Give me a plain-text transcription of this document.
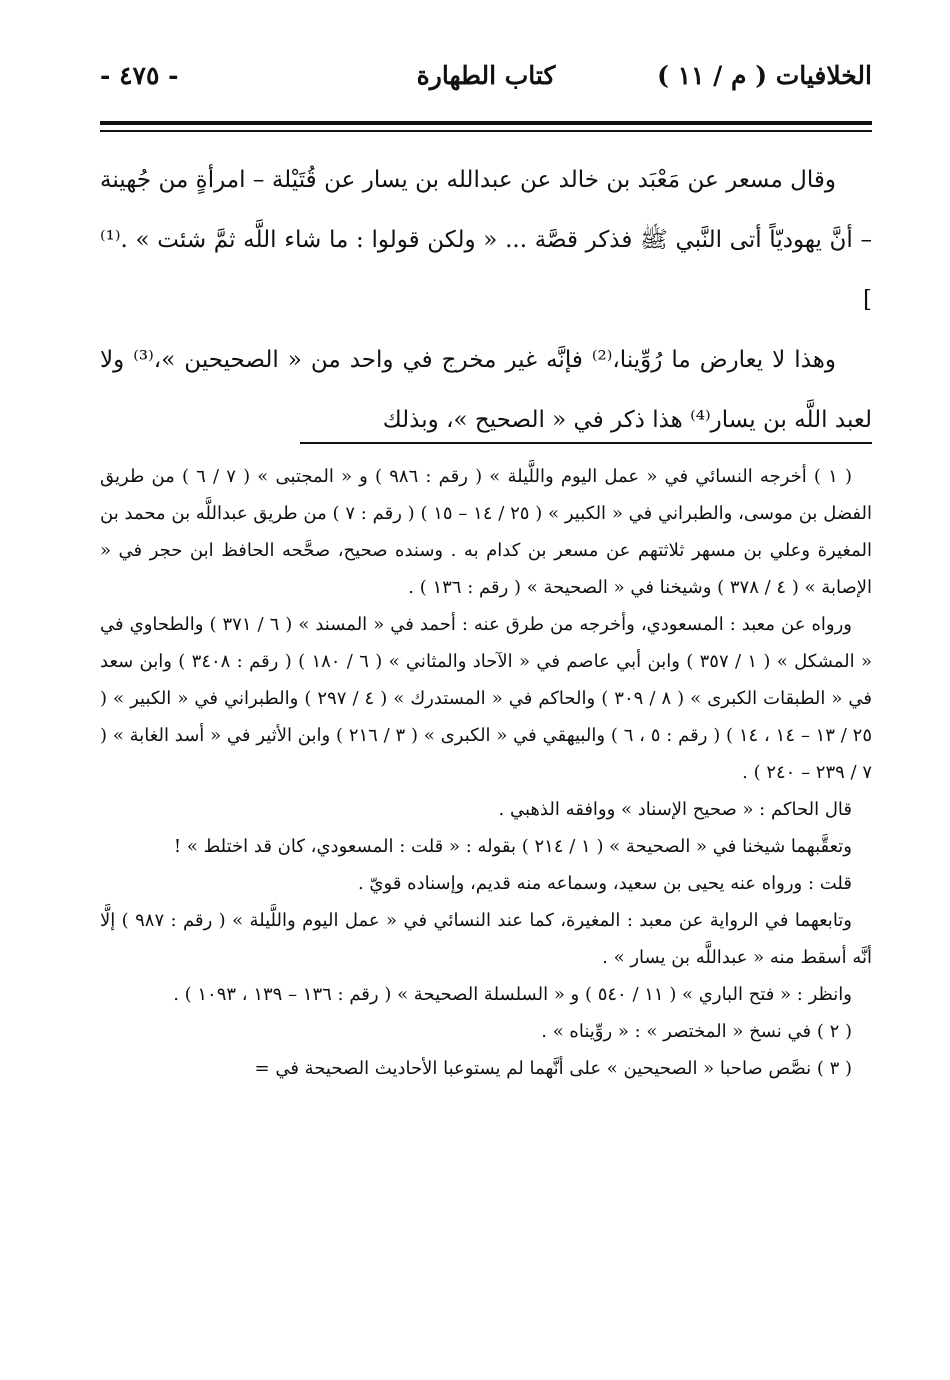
الخلافيات ( م / ١١ )
كتاب الطهارة
- ٤٧٥ -

وقال مسعر عن مَعْبَد بن خالد عن عبدالله بن يسار عن قُتَيْلة – امرأةٍ من جُهينة – أنَّ يهوديّاً أتى النَّبي ﷺ فذكر قصَّة ... « ولكن قولوا : ما شاء اللَّه ثمَّ شئت » .⁽¹⁾ ]

وهذا لا يعارض ما رُوِّينا،⁽²⁾ فإنَّه غير مخرج في واحد من « الصحيحين »،⁽³⁾ ولا لعبد اللَّه بن يسار⁽⁴⁾ هذا ذكر في « الصحيح »، وبذلك

( ١ ) أخرجه النسائي في « عمل اليوم واللَّيلة » ( رقم : ٩٨٦ ) و « المجتبى » ( ٧ / ٦ ) من طريق الفضل بن موسى، والطبراني في « الكبير » ( ٢٥ / ١٤ – ١٥ ) ( رقم : ٧ ) من طريق عبداللَّه بن محمد بن المغيرة وعلي بن مسهر ثلاثتهم عن مسعر بن كدام به . وسنده صحيح، صحَّحه الحافظ ابن حجر في « الإصابة » ( ٤ / ٣٧٨ ) وشيخنا في « الصحيحة » ( رقم : ١٣٦ ) .

ورواه عن معبد : المسعودي، وأخرجه من طرق عنه : أحمد في « المسند » ( ٦ / ٣٧١ ) والطحاوي في « المشكل » ( ١ / ٣٥٧ ) وابن أبي عاصم في « الآحاد والمثاني » ( ٦ / ١٨٠ ) ( رقم : ٣٤٠٨ ) وابن سعد في « الطبقات الكبرى » ( ٨ / ٣٠٩ ) والحاكم في « المستدرك » ( ٤ / ٢٩٧ ) والطبراني في « الكبير » ( ٢٥ / ١٣ – ١٤ ، ١٤ ) ( رقم : ٥ ، ٦ ) والبيهقي في « الكبرى » ( ٣ / ٢١٦ ) وابن الأثير في « أسد الغابة » ( ٧ / ٢٣٩ – ٢٤٠ ) .

قال الحاكم : « صحيح الإسناد » ووافقه الذهبي .

وتعقَّبهما شيخنا في « الصحيحة » ( ١ / ٢١٤ ) بقوله : « قلت : المسعودي، كان قد اختلط » !

قلت : ورواه عنه يحيى بن سعيد، وسماعه منه قديم، وإسناده قويّ .

وتابعهما في الرواية عن معبد : المغيرة، كما عند النسائي في « عمل اليوم واللَّيلة » ( رقم : ٩٨٧ ) إلَّا أنَّه أسقط منه « عبداللَّه بن يسار » .

وانظر : « فتح الباري » ( ١١ / ٥٤٠ ) و « السلسلة الصحيحة » ( رقم : ١٣٦ – ١٣٩ ، ١٠٩٣ ) .

( ٢ ) في نسخ « المختصر » : « روِّيناه » .

( ٣ ) نصَّص صاحبا « الصحيحين » على أنَّهما لم يستوعبا الأحاديث الصحيحة في =
